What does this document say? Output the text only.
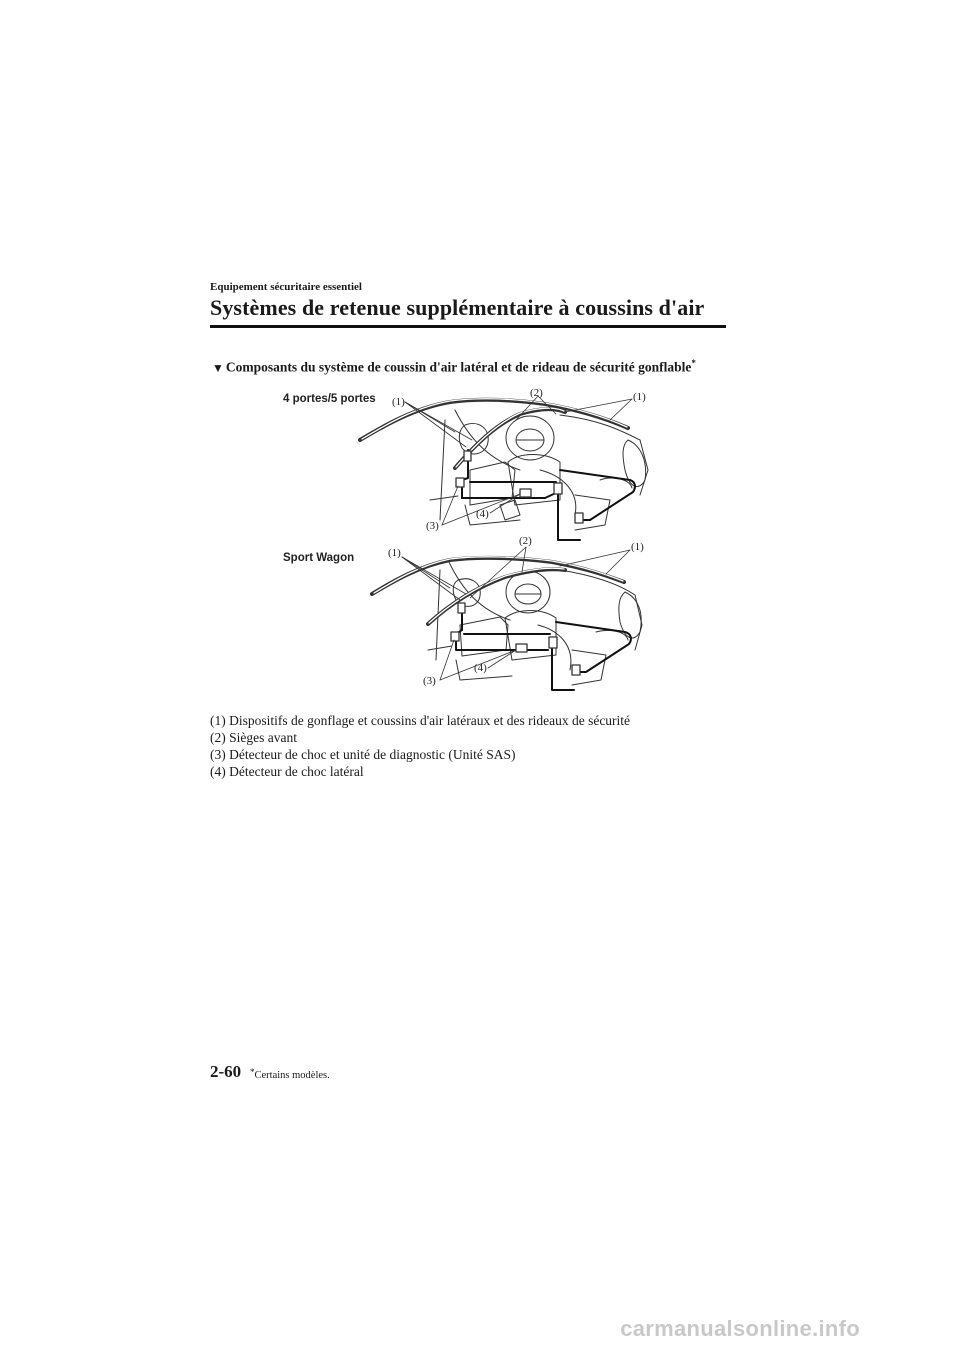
Equipement sécuritaire essentiel
Systèmes de retenue supplémentaire à coussins d'air
▼ Composants du système de coussin d'air latéral et de rideau de sécurité gonflable*
4 portes/5 portes (1)
(2)	(1)
(3)
(4)
Sport Wagon	(1)
(2)	(1)
(3)
(4)
(1) Dispositifs de gonflage et coussins d'air latéraux et des rideaux de sécurité
(2) Sièges avant
(3) Détecteur de choc et unité de diagnostic (Unité SAS)
(4) Détecteur de choc latéral
2-60 *Certains modèles.
carmanualsonline.info
